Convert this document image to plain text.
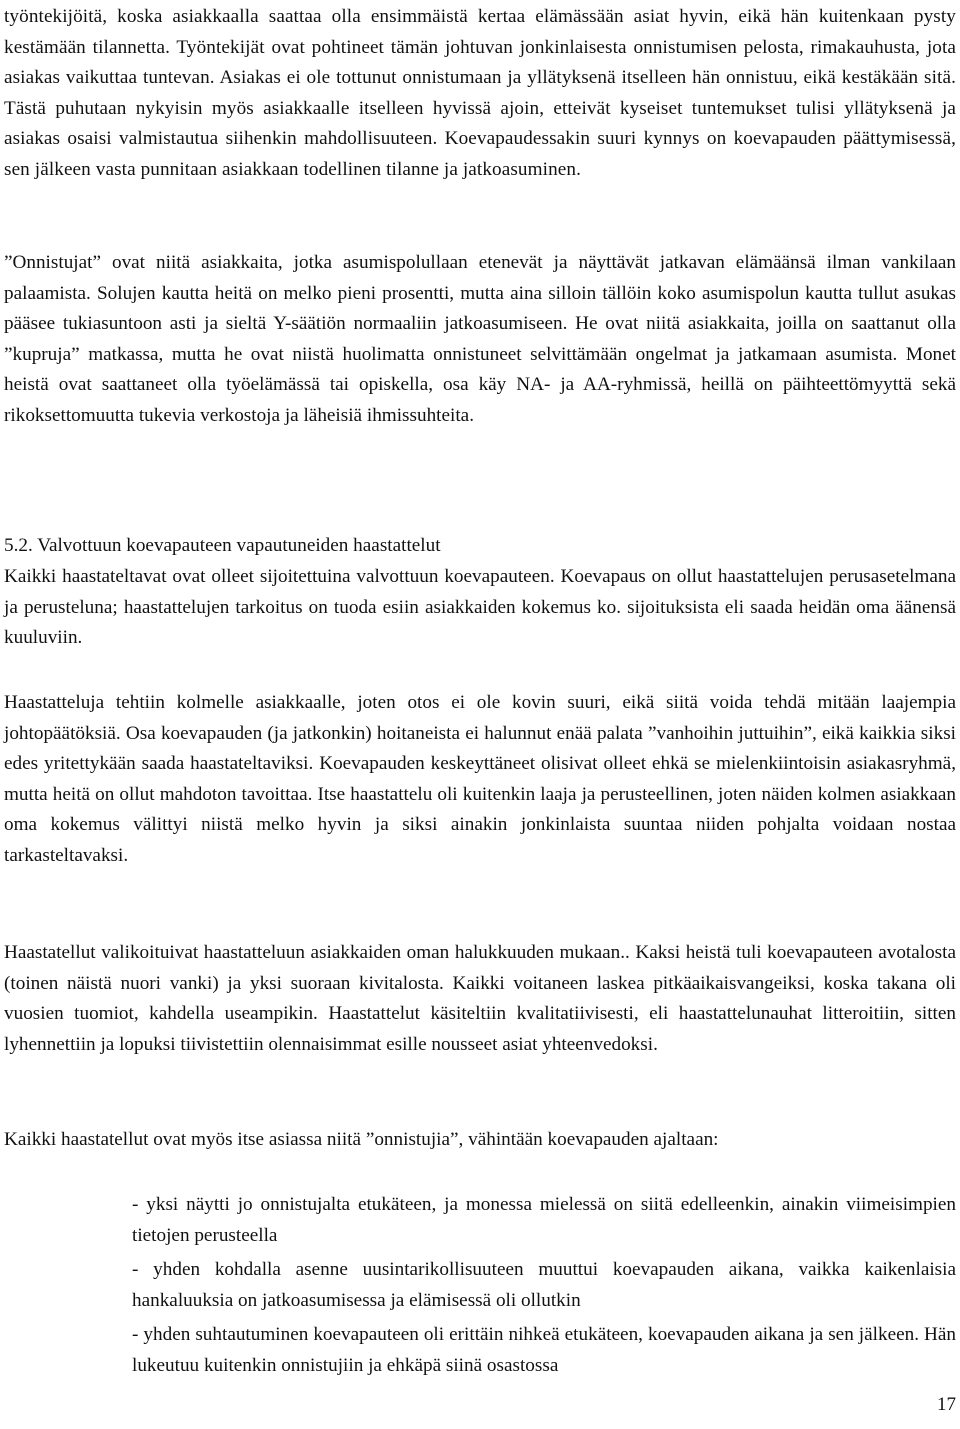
työntekijöitä, koska asiakkaalla saattaa olla ensimmäistä kertaa elämässään asiat hyvin, eikä hän kuitenkaan pysty kestämään tilannetta. Työntekijät ovat pohtineet tämän johtuvan jonkinlaisesta onnistumisen pelosta, rimakauhusta, jota asiakas vaikuttaa tuntevan. Asiakas ei ole tottunut onnistumaan ja yllätyksenä itselleen hän onnistuu, eikä kestäkään sitä. Tästä puhutaan nykyisin myös asiakkaalle itselleen hyvissä ajoin, etteivät kyseiset tuntemukset tulisi yllätyksenä ja asiakas osaisi valmistautua siihenkin mahdollisuuteen. Koevapaudessakin suuri kynnys on koevapauden päättymisessä, sen jälkeen vasta punnitaan asiakkaan todellinen tilanne ja jatkoasuminen.

”Onnistujat” ovat niitä asiakkaita, jotka asumispolullaan etenevät ja näyttävät jatkavan elämäänsä ilman vankilaan palaamista. Solujen kautta heitä on melko pieni prosentti, mutta aina silloin tällöin koko asumispolun kautta tullut asukas pääsee tukiasuntoon asti ja sieltä Y-säätiön normaaliin jatkoasumiseen. He ovat niitä asiakkaita, joilla on saattanut olla ”kupruja” matkassa, mutta he ovat niistä huolimatta onnistuneet selvittämään ongelmat ja jatkamaan asumista. Monet heistä ovat saattaneet olla työelämässä tai opiskella, osa käy NA- ja AA-ryhmissä, heillä on päihteettömyyttä sekä rikoksettomuutta tukevia verkostoja ja läheisiä ihmissuhteita.

5.2. Valvottuun koevapauteen vapautuneiden haastattelut

Kaikki haastateltavat ovat olleet sijoitettuina valvottuun koevapauteen. Koevapaus on ollut haastattelujen perusasetelmana ja perusteluna; haastattelujen tarkoitus on tuoda esiin asiakkaiden kokemus ko. sijoituksista eli saada heidän oma äänensä kuuluviin.

Haastatteluja tehtiin kolmelle asiakkaalle, joten otos ei ole kovin suuri, eikä siitä voida tehdä mitään laajempia johtopäätöksiä. Osa koevapauden (ja jatkonkin) hoitaneista ei halunnut enää palata ”vanhoihin juttuihin”, eikä kaikkia siksi edes yritettykään saada haastateltaviksi. Koevapauden keskeyttäneet olisivat olleet ehkä se mielenkiintoisin asiakasryhmä, mutta heitä on ollut mahdoton tavoittaa. Itse haastattelu oli kuitenkin laaja ja perusteellinen, joten näiden kolmen asiakkaan oma kokemus välittyi niistä melko hyvin ja siksi ainakin jonkinlaista suuntaa niiden pohjalta voidaan nostaa tarkasteltavaksi.

Haastatellut valikoituivat haastatteluun asiakkaiden oman halukkuuden mukaan.. Kaksi heistä tuli koevapauteen avotalosta (toinen näistä nuori vanki) ja yksi suoraan kivitalosta. Kaikki voitaneen laskea pitkäaikaisvangeiksi, koska takana oli vuosien tuomiot, kahdella useampikin. Haastattelut käsiteltiin kvalitatiivisesti, eli haastattelunauhat litteroitiin, sitten lyhennettiin ja lopuksi tiivistettiin olennaisimmat esille nousseet asiat yhteenvedoksi.

Kaikki haastatellut ovat myös itse asiassa niitä ”onnistujia”, vähintään koevapauden ajaltaan:

- yksi näytti jo onnistujalta etukäteen, ja monessa mielessä on siitä edelleenkin, ainakin viimeisimpien tietojen perusteella
- yhden kohdalla asenne uusintarikollisuuteen muuttui koevapauden aikana, vaikka kaikenlaisia hankaluuksia on jatkoasumisessa ja elämisessä oli ollutkin
- yhden suhtautuminen koevapauteen oli erittäin nihkeä etukäteen, koevapauden aikana ja sen jälkeen. Hän lukeutuu kuitenkin onnistujiin ja ehkäpä siinä osastossa
17
